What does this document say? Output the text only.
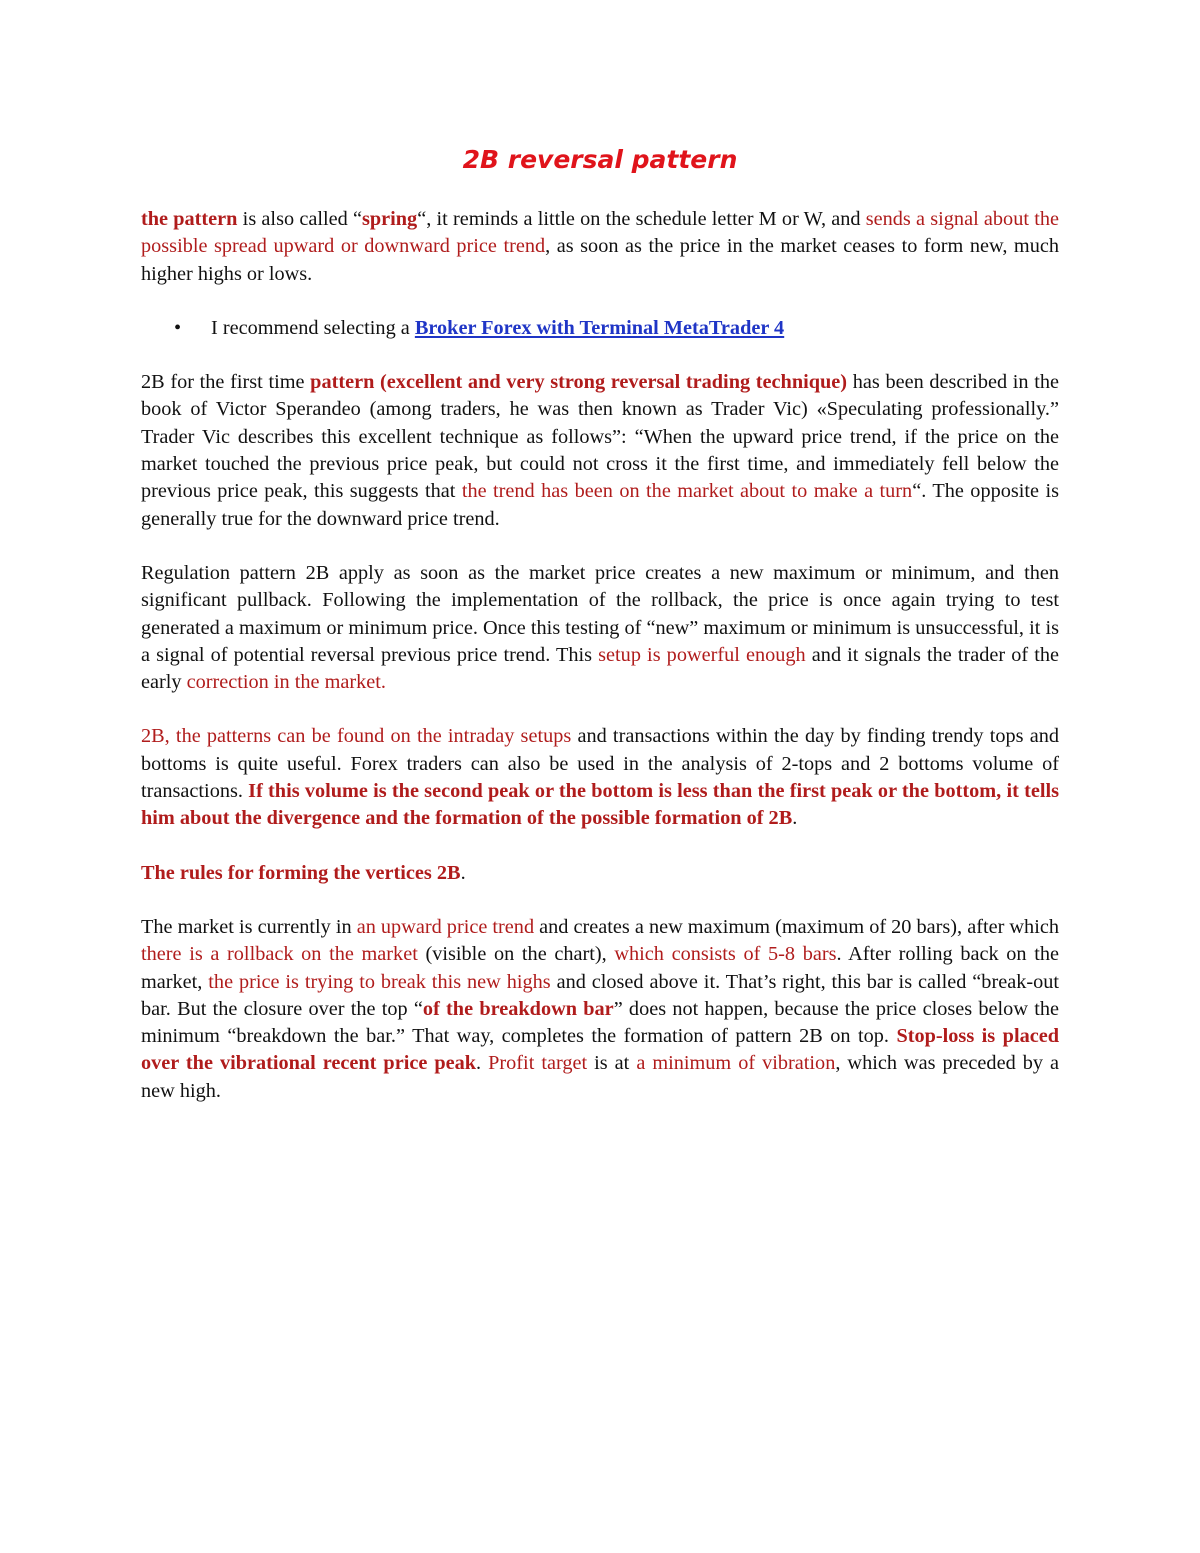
2B reversal pattern

the pattern is also called “spring“, it reminds a little on the schedule letter M or W, and sends a signal about the possible spread upward or downward price trend, as soon as the price in the market ceases to form new, much higher highs or lows.

• I recommend selecting a Broker Forex with Terminal MetaTrader 4

2B for the first time pattern (excellent and very strong reversal trading technique) has been described in the book of Victor Sperandeo (among traders, he was then known as Trader Vic) «Speculating professionally.” Trader Vic describes this excellent technique as follows”: “When the upward price trend, if the price on the market touched the previous price peak, but could not cross it the first time, and immediately fell below the previous price peak, this suggests that the trend has been on the market about to make a turn“. The opposite is generally true for the downward price trend.

Regulation pattern 2B apply as soon as the market price creates a new maximum or minimum, and then significant pullback. Following the implementation of the rollback, the price is once again trying to test generated a maximum or minimum price. Once this testing of “new” maximum or minimum is unsuccessful, it is a signal of potential reversal previous price trend. This setup is powerful enough and it signals the trader of the early correction in the market.

2B, the patterns can be found on the intraday setups and transactions within the day by finding trendy tops and bottoms is quite useful. Forex traders can also be used in the analysis of 2-tops and 2 bottoms volume of transactions. If this volume is the second peak or the bottom is less than the first peak or the bottom, it tells him about the divergence and the formation of the possible formation of 2B.

The rules for forming the vertices 2B.

The market is currently in an upward price trend and creates a new maximum (maximum of 20 bars), after which there is a rollback on the market (visible on the chart), which consists of 5-8 bars. After rolling back on the market, the price is trying to break this new highs and closed above it. That’s right, this bar is called “break-out bar. But the closure over the top “of the breakdown bar” does not happen, because the price closes below the minimum “breakdown the bar.” That way, completes the formation of pattern 2B on top. Stop-loss is placed over the vibrational recent price peak. Profit target is at a minimum of vibration, which was preceded by a new high.
